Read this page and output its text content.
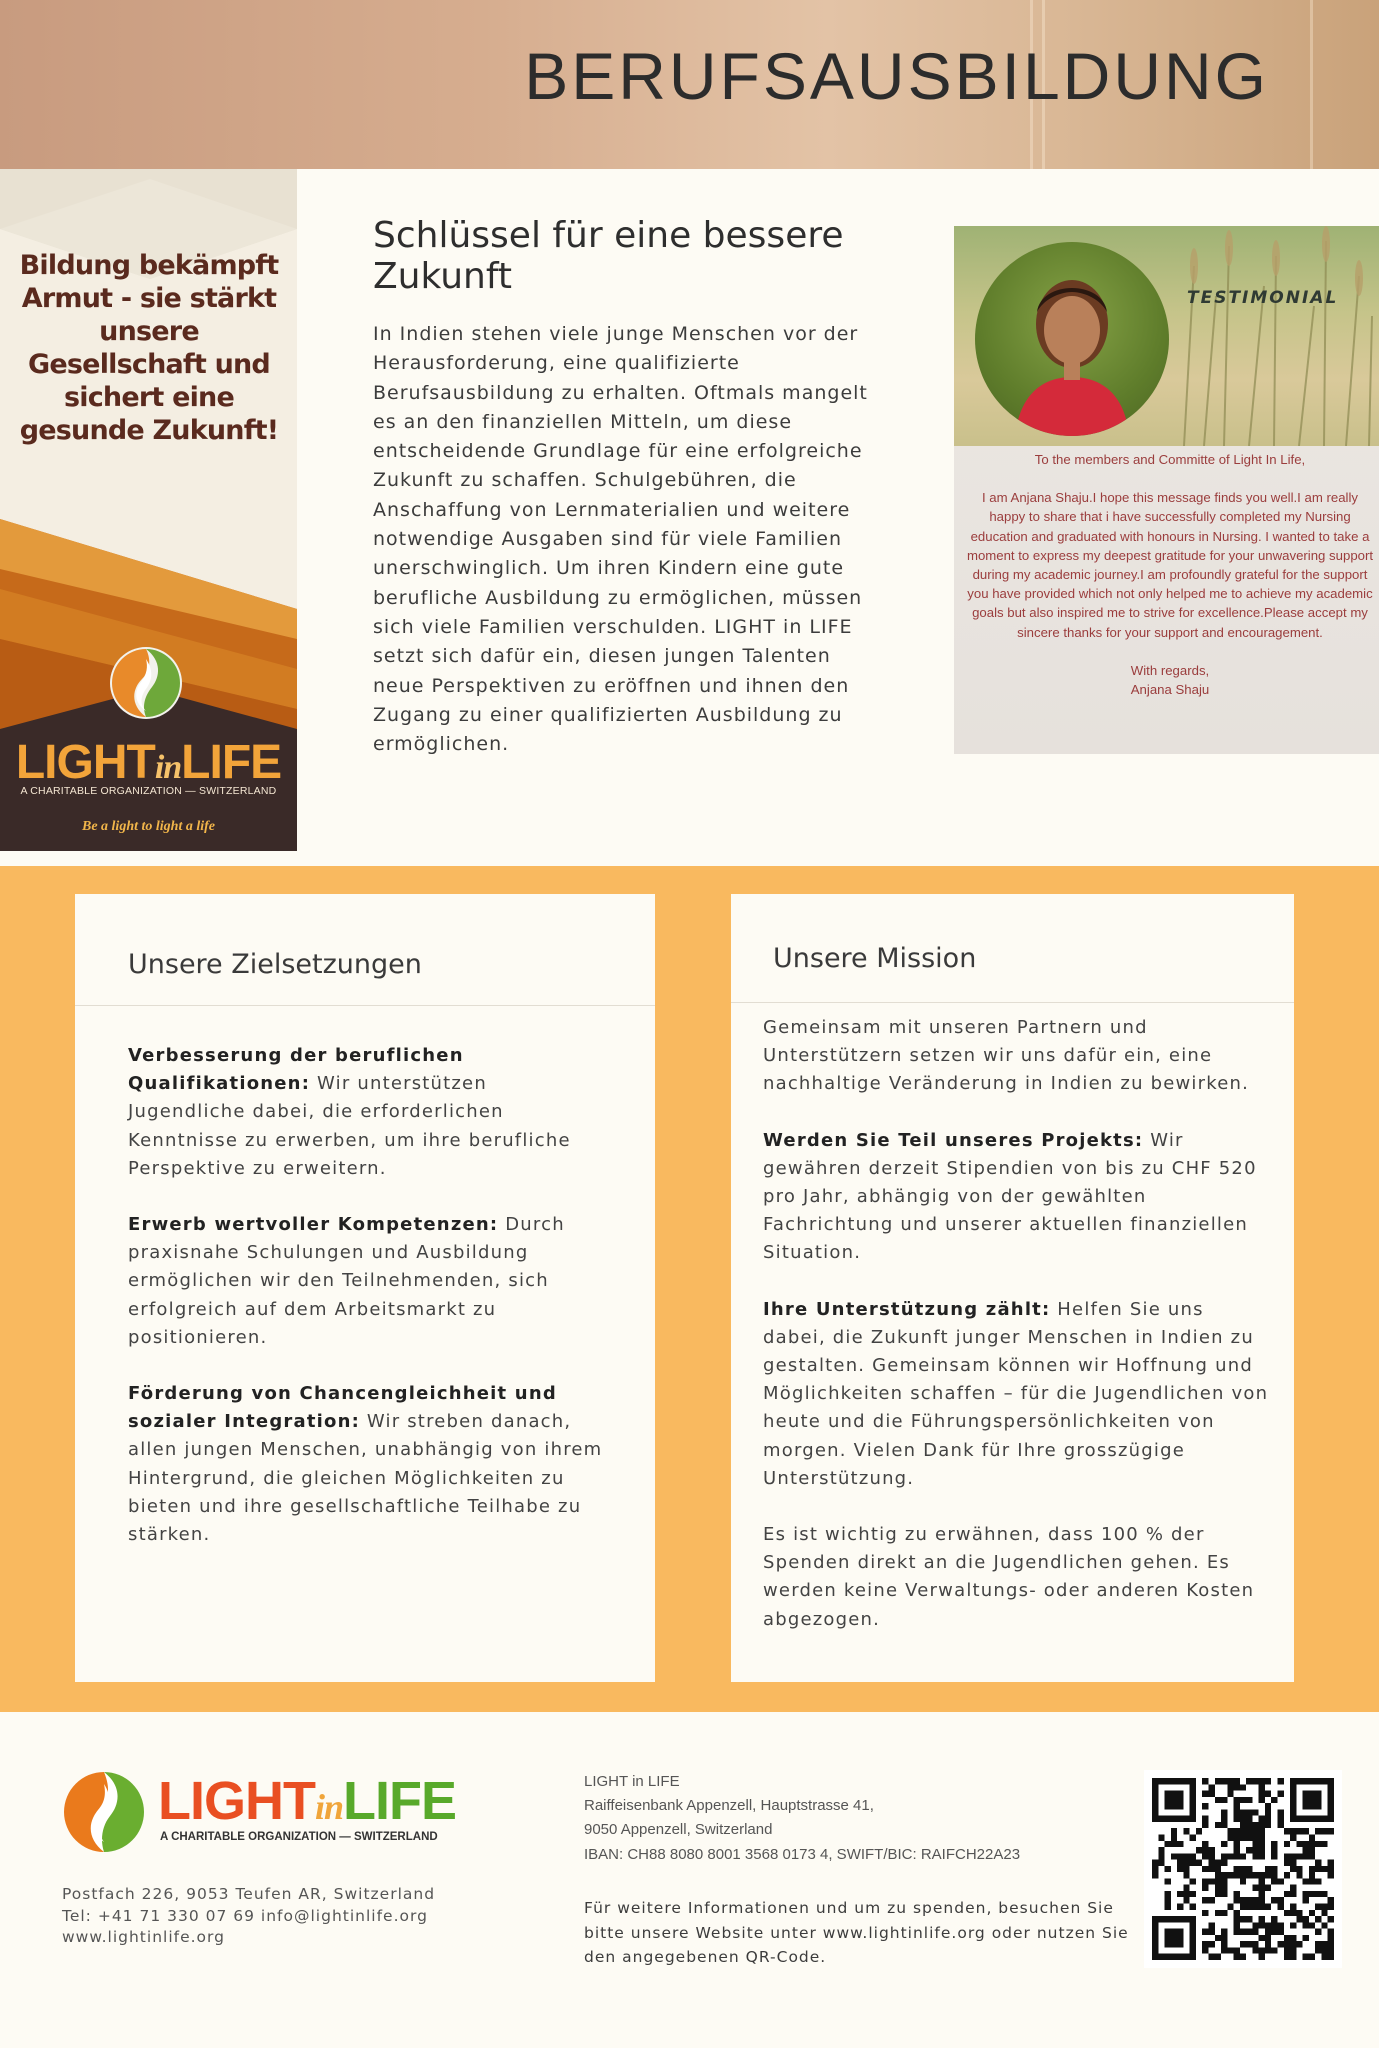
BERUFSAUSBILDUNG
Bildung bekämpft Armut - sie stärkt unsere Gesellschaft und sichert eine gesunde Zukunft!
LIGHTinLIFE
A CHARITABLE ORGANIZATION — SWITZERLAND
Be a light to light a life
Schlüssel für eine bessere Zukunft
In Indien stehen viele junge Menschen vor der Herausforderung, eine qualifizierte Berufsausbildung zu erhalten. Oftmals mangelt es an den finanziellen Mitteln, um diese entscheidende Grundlage für eine erfolgreiche Zukunft zu schaffen. Schulgebühren, die Anschaffung von Lernmaterialien und weitere notwendige Ausgaben sind für viele Familien unerschwinglich. Um ihren Kindern eine gute berufliche Ausbildung zu ermöglichen, müssen sich viele Familien verschulden. LIGHT in LIFE setzt sich dafür ein, diesen jungen Talenten neue Perspektiven zu eröffnen und ihnen den Zugang zu einer qualifizierten Ausbildung zu ermöglichen.
TESTIMONIAL

To the members and Committe of Light In Life,

I am Anjana Shaju.I hope this message finds you well.I am really happy to share that i have successfully completed my Nursing education and graduated with honours in Nursing. I wanted to take a moment to express my deepest gratitude for your unwavering support during my academic journey.I am profoundly grateful for the support you have provided which not only helped me to achieve my academic goals but also inspired me to strive for excellence.Please accept my sincere thanks for your support and encouragement.

With regards,
Anjana Shaju

Unsere Zielsetzungen

Verbesserung der beruflichen Qualifikationen: Wir unterstützen Jugendliche dabei, die erforderlichen Kenntnisse zu erwerben, um ihre berufliche Perspektive zu erweitern.

Erwerb wertvoller Kompetenzen: Durch praxisnahe Schulungen und Ausbildung ermöglichen wir den Teilnehmenden, sich erfolgreich auf dem Arbeitsmarkt zu positionieren.

Förderung von Chancengleichheit und sozialer Integration: Wir streben danach, allen jungen Menschen, unabhängig von ihrem Hintergrund, die gleichen Möglichkeiten zu bieten und ihre gesellschaftliche Teilhabe zu stärken.

Unsere Mission

Gemeinsam mit unseren Partnern und Unterstützern setzen wir uns dafür ein, eine nachhaltige Veränderung in Indien zu bewirken.

Werden Sie Teil unseres Projekts: Wir gewähren derzeit Stipendien von bis zu CHF 520 pro Jahr, abhängig von der gewählten Fachrichtung und unserer aktuellen finanziellen Situation.

Ihre Unterstützung zählt: Helfen Sie uns dabei, die Zukunft junger Menschen in Indien zu gestalten. Gemeinsam können wir Hoffnung und Möglichkeiten schaffen – für die Jugendlichen von heute und die Führungspersönlichkeiten von morgen. Vielen Dank für Ihre grosszügige Unterstützung.

Es ist wichtig zu erwähnen, dass 100 % der Spenden direkt an die Jugendlichen gehen. Es werden keine Verwaltungs- oder anderen Kosten abgezogen.

LIGHTinLIFE
A CHARITABLE ORGANIZATION — SWITZERLAND
Postfach 226, 9053 Teufen AR, Switzerland
Tel: +41 71 330 07 69 info@lightinlife.org
www.lightinlife.org
LIGHT in LIFE
Raiffeisenbank Appenzell, Hauptstrasse 41,
9050 Appenzell, Switzerland
IBAN: CH88 8080 8001 3568 0173 4, SWIFT/BIC: RAIFCH22A23
Für weitere Informationen und um zu spenden, besuchen Sie bitte unsere Website unter www.lightinlife.org oder nutzen Sie den angegebenen QR-Code.
